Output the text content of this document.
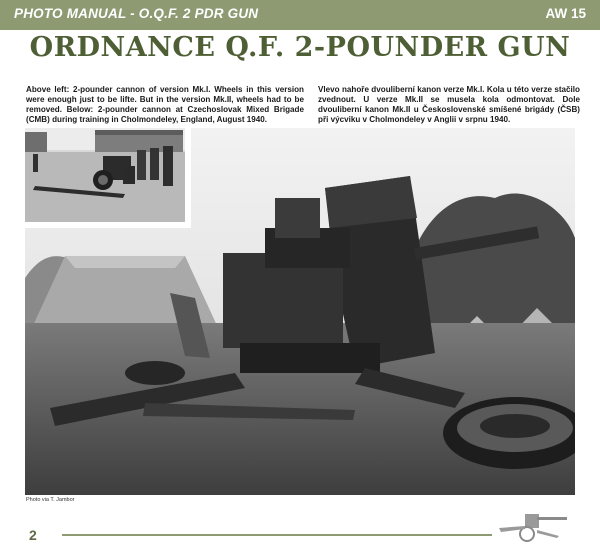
PHOTO MANUAL - O.Q.F. 2 PDR GUN	AW 15
ORDNANCE Q.F. 2-POUNDER GUN

Above left: 2-pounder cannon of version Mk.I. Wheels in this version were enough just to be lifte. But in the version Mk.II, wheels had to be removed. Below: 2-pounder cannon at Czechoslovak Mixed Brigade (CMB) during training in Cholmondeley, England, August 1940.

Vlevo nahoře dvouliberní kanon verze Mk.I. Kola u této verze stačilo zvednout. U verze Mk.II se musela kola odmontovat. Dole dvouliberní kanon Mk.II u Československé smíšené brigády (ČSB) při výcviku v Cholmondeley v Anglii v srpnu 1940.

Photo via T. Jambor
2
